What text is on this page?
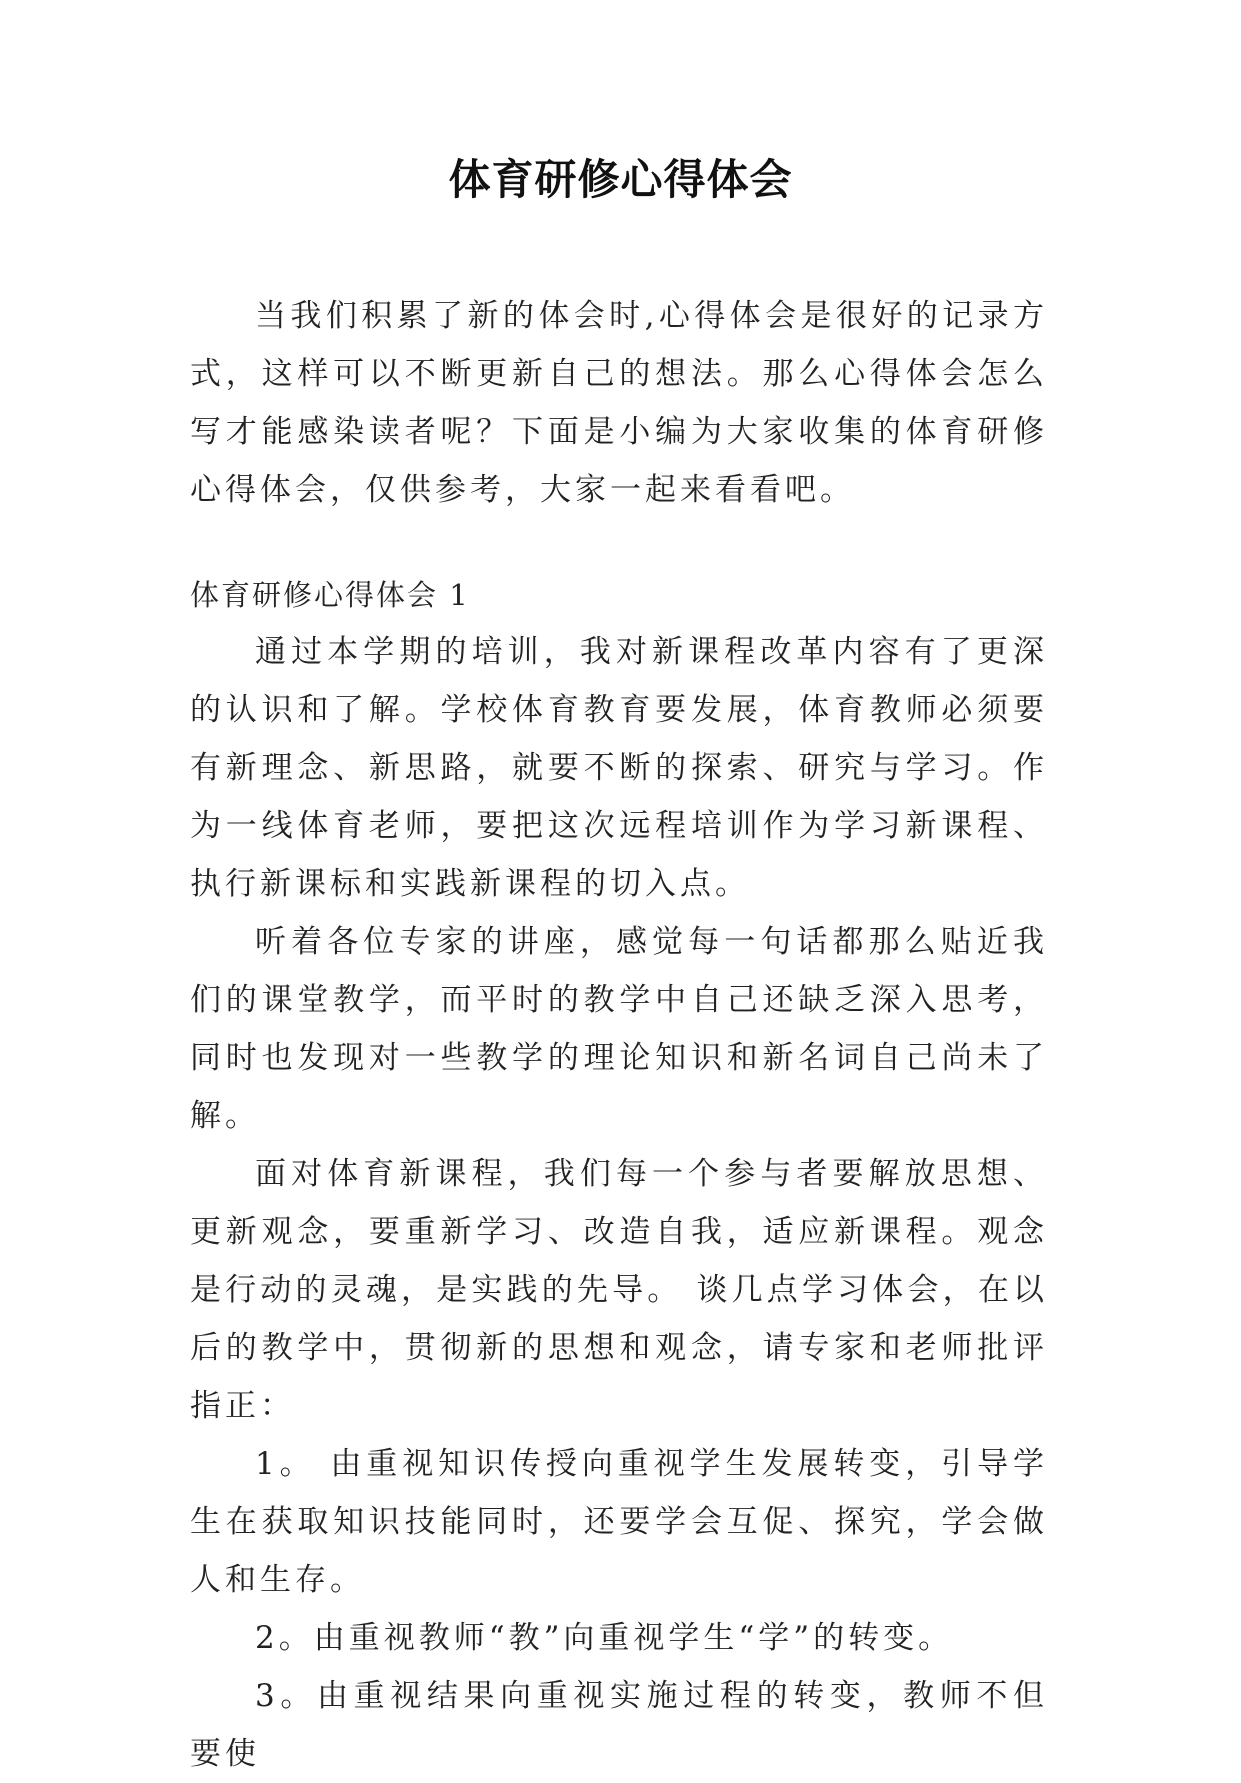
体育研修心得体会

当我们积累了新的体会时,心得体会是很好的记录方式，这样可以不断更新自己的想法。那么心得体会怎么写才能感染读者呢？下面是小编为大家收集的体育研修心得体会，仅供参考，大家一起来看看吧。

体育研修心得体会 1

通过本学期的培训，我对新课程改革内容有了更深的认识和了解。学校体育教育要发展，体育教师必须要有新理念、新思路，就要不断的探索、研究与学习。作为一线体育老师，要把这次远程培训作为学习新课程、执行新课标和实践新课程的切入点。

听着各位专家的讲座，感觉每一句话都那么贴近我们的课堂教学，而平时的教学中自己还缺乏深入思考，同时也发现对一些教学的理论知识和新名词自己尚未了解。

面对体育新课程，我们每一个参与者要解放思想、更新观念，要重新学习、改造自我，适应新课程。观念是行动的灵魂，是实践的先导。 谈几点学习体会，在以后的教学中，贯彻新的思想和观念，请专家和老师批评指正：

1。 由重视知识传授向重视学生发展转变，引导学生在获取知识技能同时，还要学会互促、探究，学会做人和生存。

2。由重视教师“教”向重视学生“学”的转变。

3。由重视结果向重视实施过程的转变，教师不但要使
